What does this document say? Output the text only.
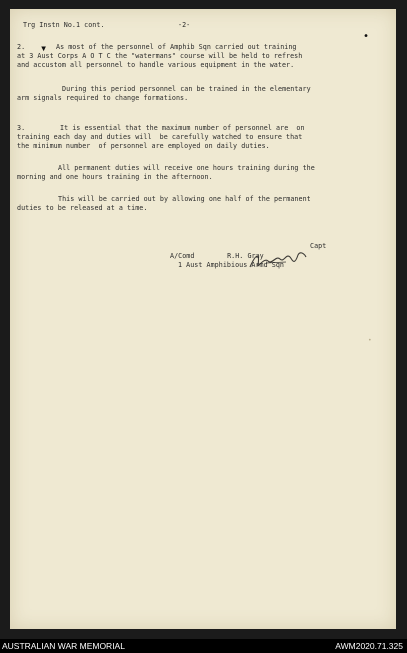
Trg Instn No.1 cont.	-2-
•
2. ▾ As most of the personnel of Amphib Sqn carried out training
at 3 Aust Corps A O T C the "watermans" course will be held to refresh
and accustom all personnel to handle various equipment in the water.
During this period personnel can be trained in the elementary
arm signals required to change formations.
3.	It is essential that the maximum number of personnel are  on
training each day and duties will  be carefully watched to ensure that
the minimum number  of personnel are employed on daily duties.
All permanent duties will receive one hours training during the
morning and one hours training in the afternoon.
This will be carried out by allowing one half of the permanent
duties to be released at a time.
Capt
A/Comd        R.H. Gray
1 Aust Amphibious Armd Sqn
•
AUSTRALIAN WAR MEMORIAL	AWM2020.71.325
